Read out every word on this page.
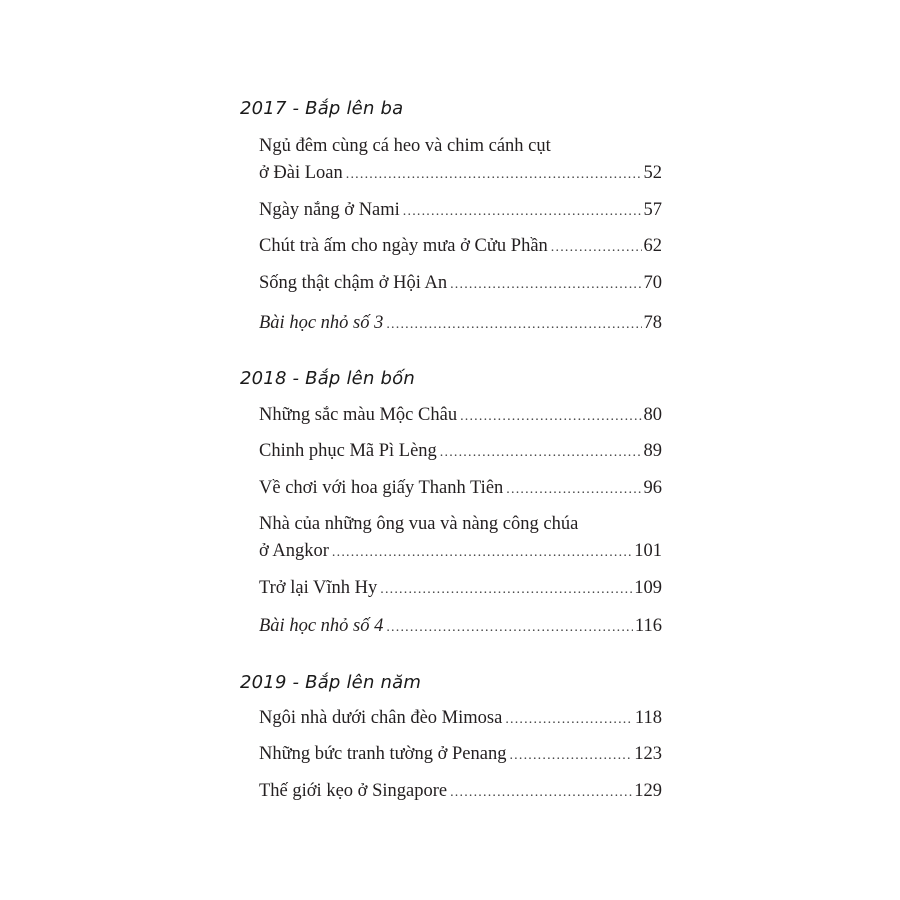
2017 - Bắp lên ba
Ngủ đêm cùng cá heo và chim cánh cụt
ở Đài Loan .....	52
Ngày nắng ở Nami .....	57
Chút trà ấm cho ngày mưa ở Cửu Phần .....	62
Sống thật chậm ở Hội An .....	70
Bài học nhỏ số 3 .....	78
2018 - Bắp lên bốn
Những sắc màu Mộc Châu .....	80
Chinh phục Mã Pì Lèng .....	89
Về chơi với hoa giấy Thanh Tiên .....	96
Nhà của những ông vua và nàng công chúa
ở Angkor .....	101
Trở lại Vĩnh Hy .....	109
Bài học nhỏ số 4 .....	116
2019 - Bắp lên năm
Ngôi nhà dưới chân đèo Mimosa .....	118
Những bức tranh tường ở Penang .....	123
Thế giới kẹo ở Singapore .....	129
